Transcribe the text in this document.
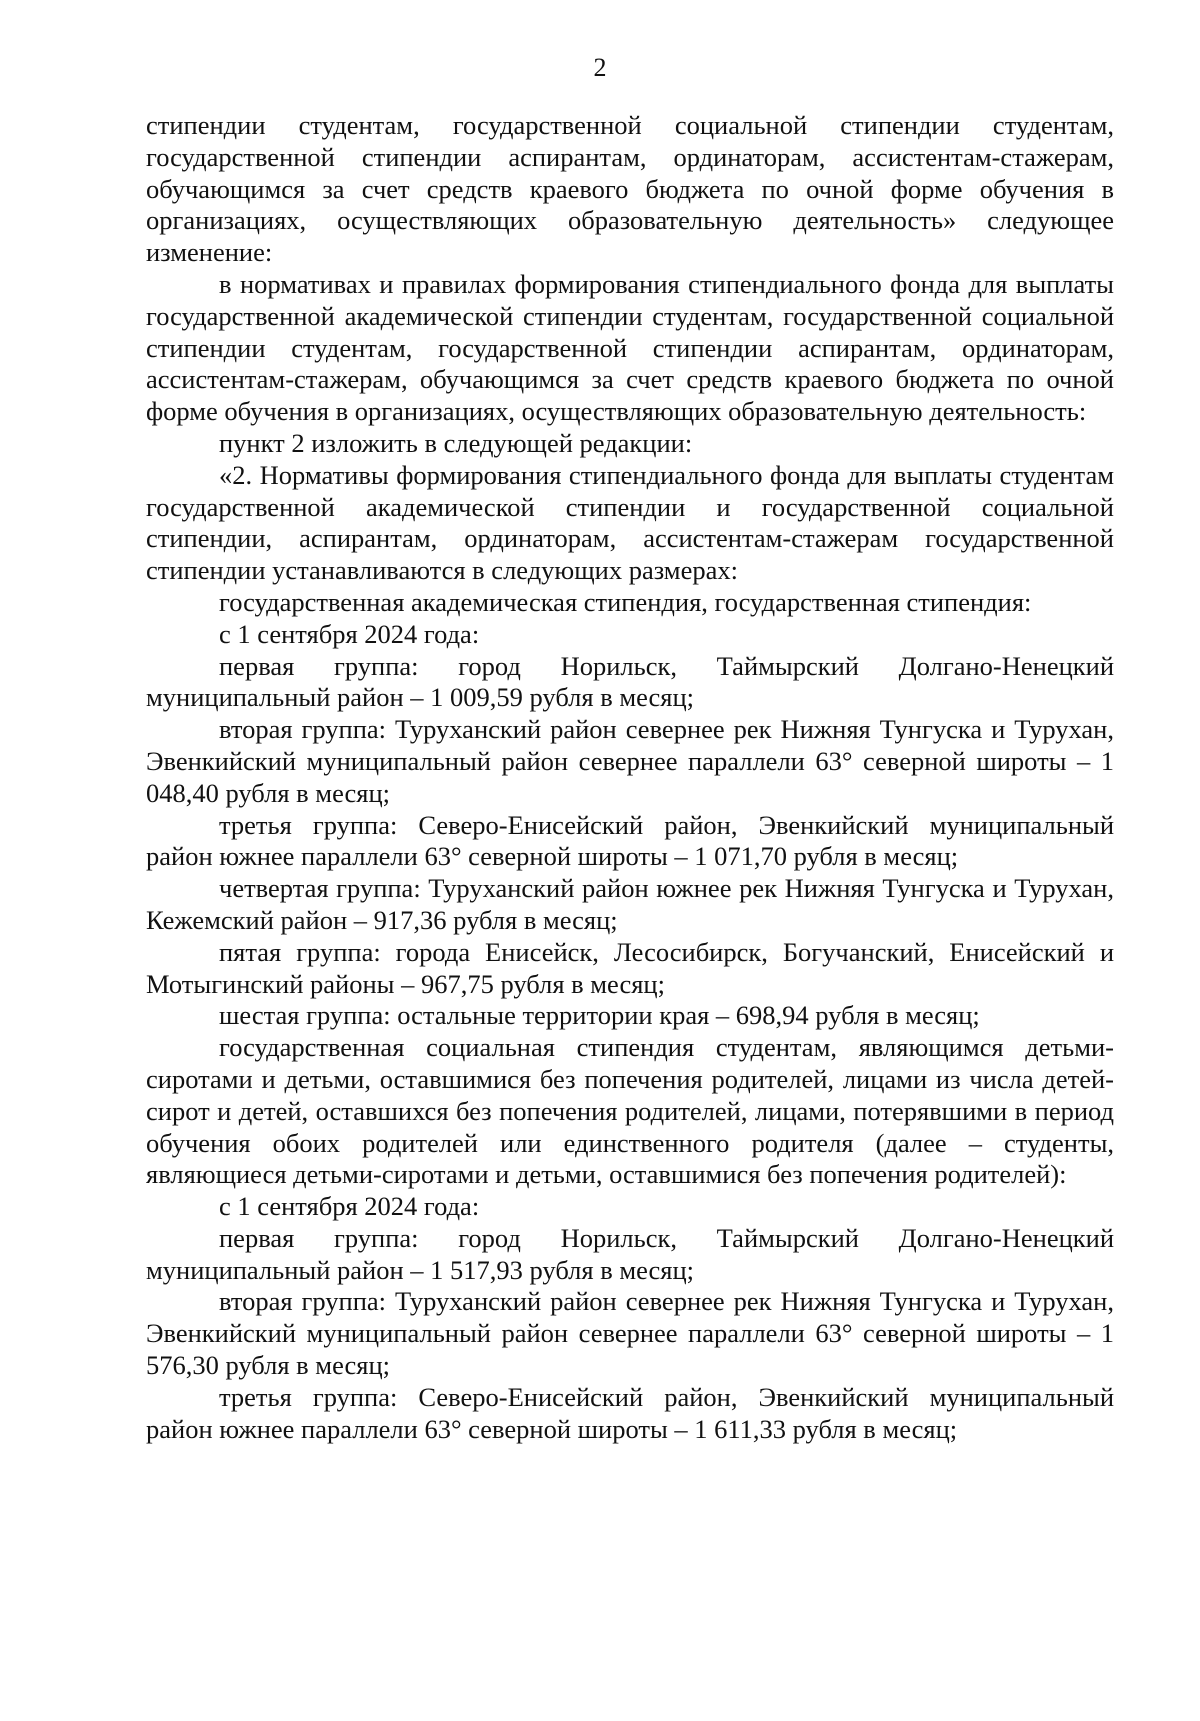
2

стипендии студентам, государственной социальной стипендии студентам, государственной стипендии аспирантам, ординаторам, ассистентам-стажерам, обучающимся за счет средств краевого бюджета по очной форме обучения в организациях, осуществляющих образовательную деятельность» следующее изменение:

в нормативах и правилах формирования стипендиального фонда для выплаты государственной академической стипендии студентам, государственной социальной стипендии студентам, государственной стипендии аспирантам, ординаторам, ассистентам-стажерам, обучающимся за счет средств краевого бюджета по очной форме обучения в организациях, осуществляющих образовательную деятельность:

пункт 2 изложить в следующей редакции:

«2. Нормативы формирования стипендиального фонда для выплаты студентам государственной академической стипендии и государственной социальной стипендии, аспирантам, ординаторам, ассистентам-стажерам государственной стипендии устанавливаются в следующих размерах:

государственная академическая стипендия, государственная стипендия:

с 1 сентября 2024 года:

первая группа: город Норильск, Таймырский Долгано-Ненецкий муниципальный район – 1 009,59 рубля в месяц;

вторая группа: Туруханский район севернее рек Нижняя Тунгуска и Турухан, Эвенкийский муниципальный район севернее параллели 63° северной широты – 1 048,40 рубля в месяц;

третья группа: Северо-Енисейский район, Эвенкийский муниципальный район южнее параллели 63° северной широты – 1 071,70 рубля в месяц;

четвертая группа: Туруханский район южнее рек Нижняя Тунгуска и Турухан, Кежемский район – 917,36 рубля в месяц;

пятая группа: города Енисейск, Лесосибирск, Богучанский, Енисейский и Мотыгинский районы – 967,75 рубля в месяц;

шестая группа: остальные территории края – 698,94 рубля в месяц;

государственная социальная стипендия студентам, являющимся детьми-сиротами и детьми, оставшимися без попечения родителей, лицами из числа детей-сирот и детей, оставшихся без попечения родителей, лицами, потерявшими в период обучения обоих родителей или единственного родителя (далее – студенты, являющиеся детьми-сиротами и детьми, оставшимися без попечения родителей):

с 1 сентября 2024 года:

первая группа: город Норильск, Таймырский Долгано-Ненецкий муниципальный район – 1 517,93 рубля в месяц;

вторая группа: Туруханский район севернее рек Нижняя Тунгуска и Турухан, Эвенкийский муниципальный район севернее параллели 63° северной широты – 1 576,30 рубля в месяц;

третья группа: Северо-Енисейский район, Эвенкийский муниципальный район южнее параллели 63° северной широты – 1 611,33 рубля в месяц;
